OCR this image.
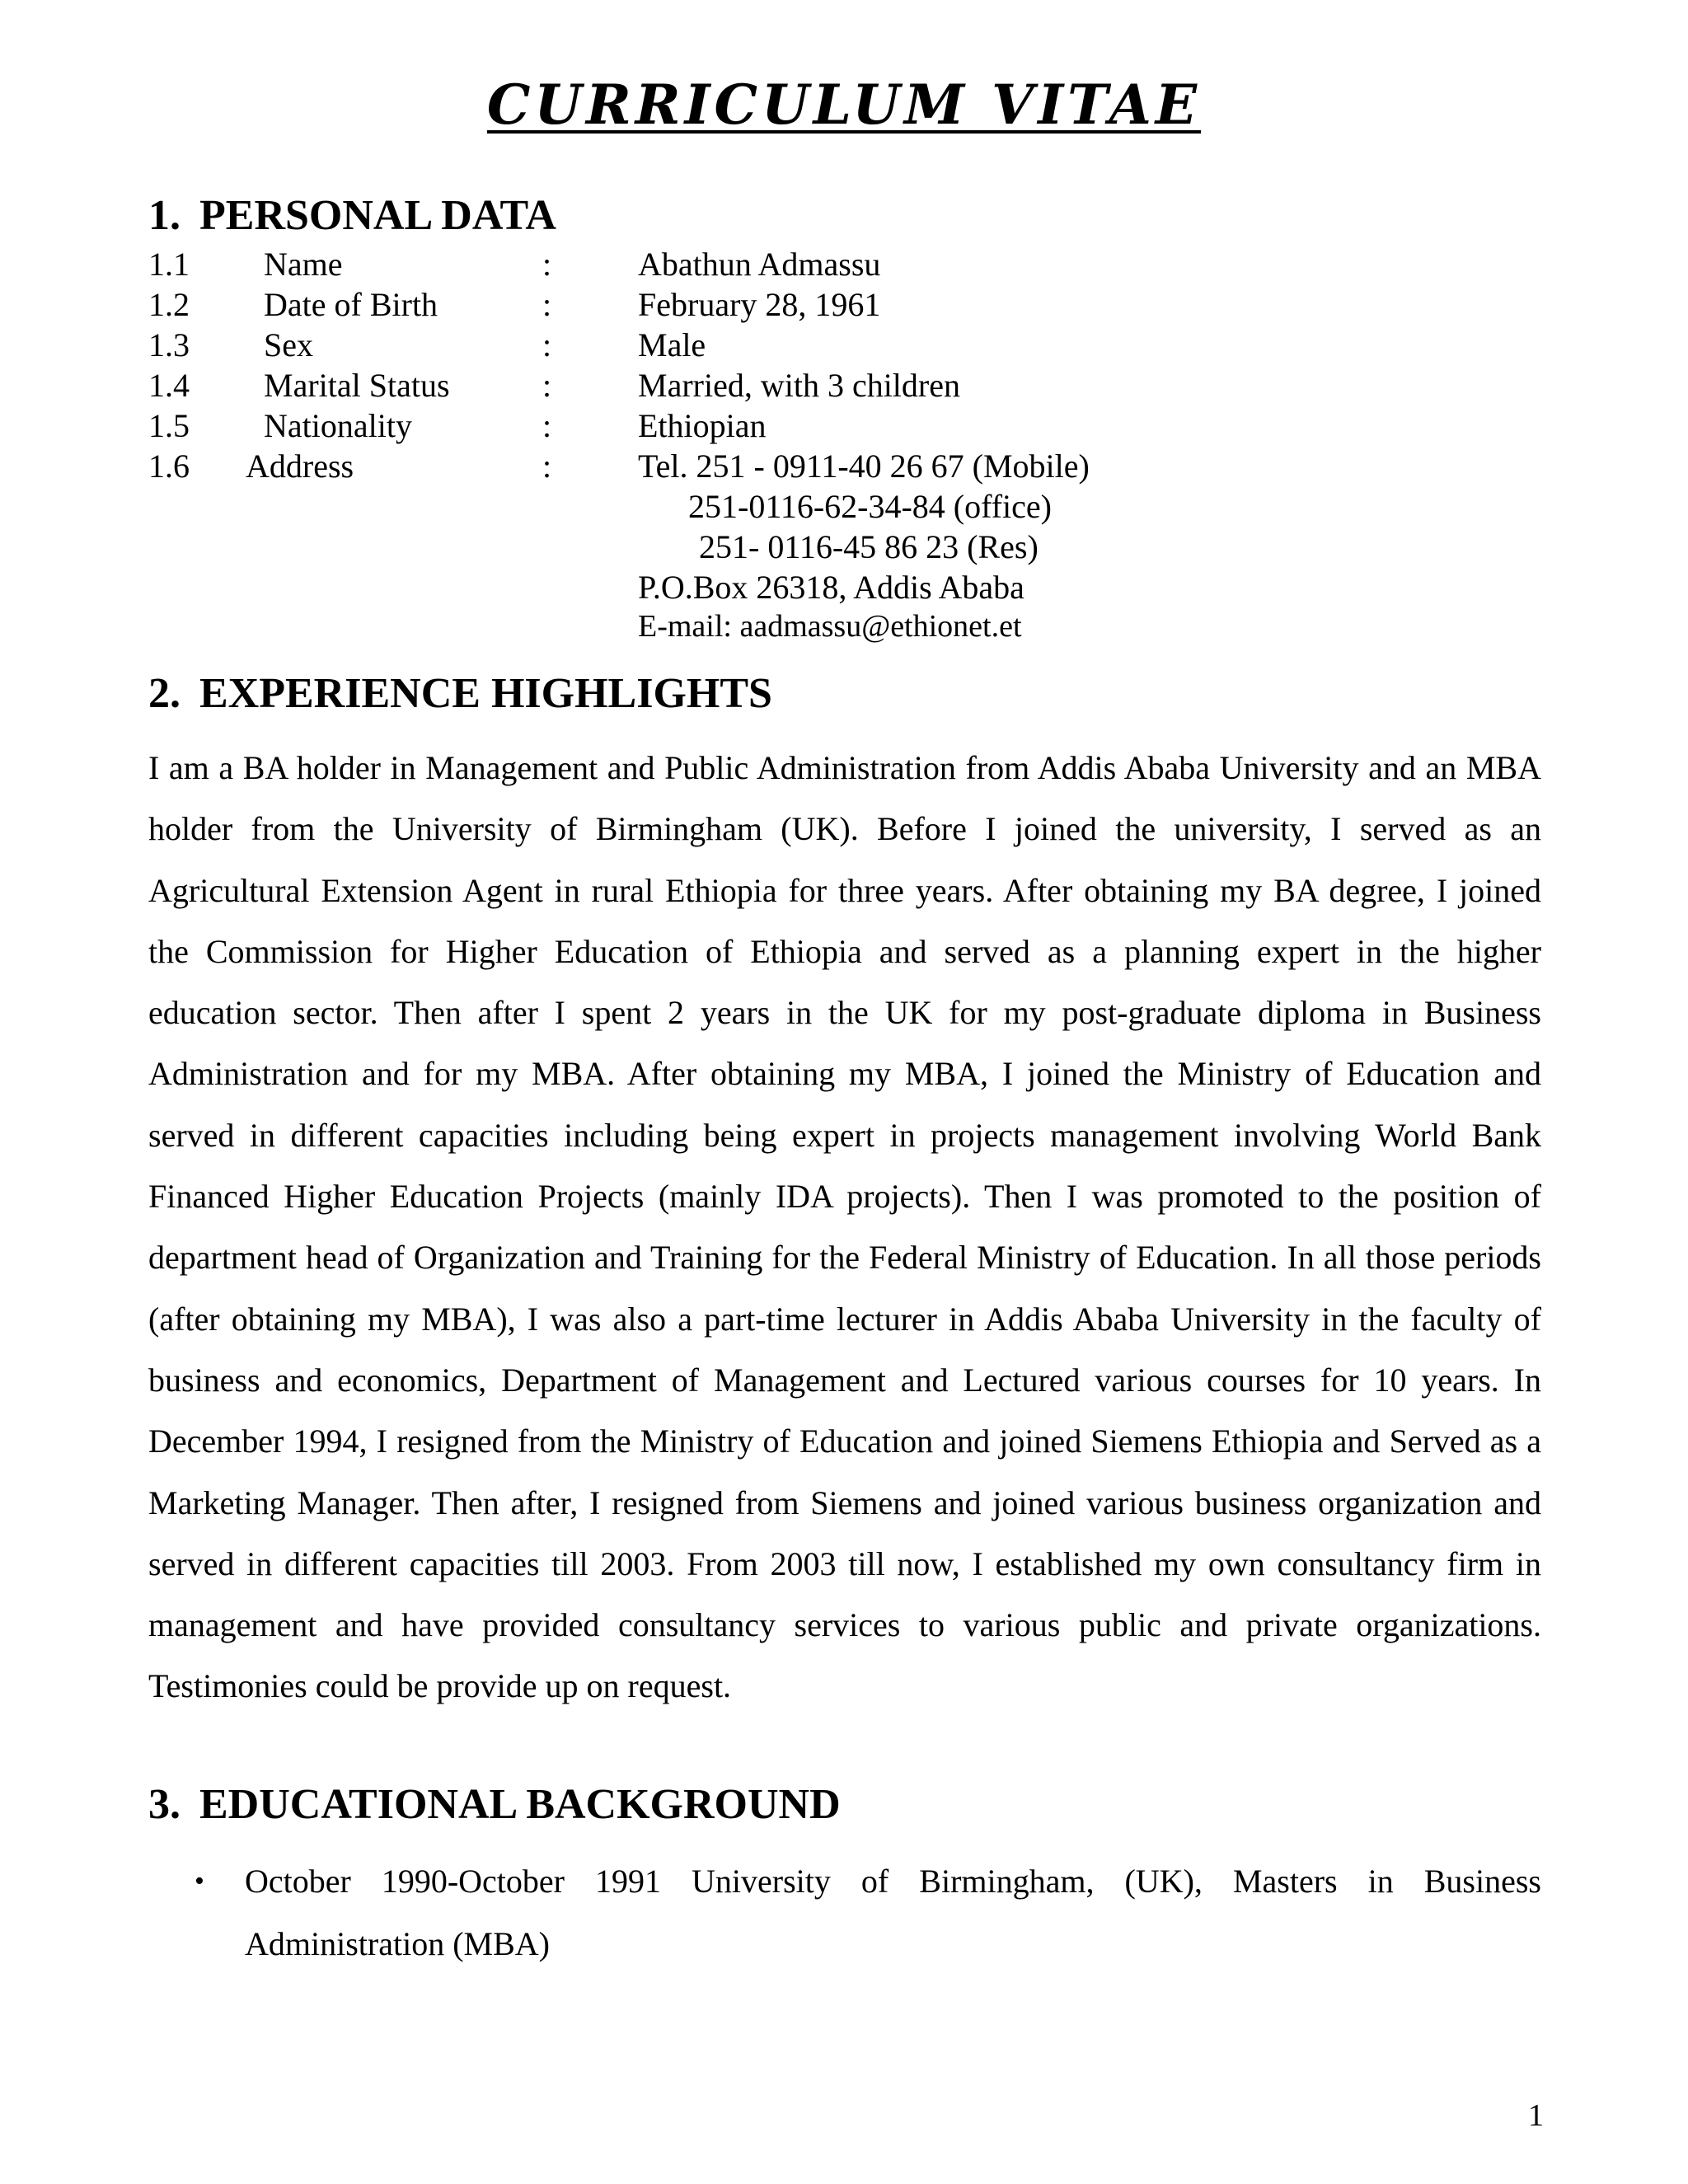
CURRICULUM VITAE
1. PERSONAL DATA
1.1 Name	:	Abathun Admassu
1.2 Date of Birth	:	February 28, 1961
1.3 Sex	:	Male
1.4 Marital Status	:	Married, with 3 children
1.5 Nationality	:	Ethiopian
1.6 Address	:	Tel. 251 - 0911-40 26 67 (Mobile)
251-0116-62-34-84 (office)
251- 0116-45 86 23 (Res)
P.O.Box 26318, Addis Ababa
E-mail: aadmassu@ethionet.et
2. EXPERIENCE HIGHLIGHTS

I am a BA holder in Management and Public Administration from Addis Ababa University and an MBA holder from the University of Birmingham (UK). Before I joined the university, I served as an Agricultural Extension Agent in rural Ethiopia for three years. After obtaining my BA degree, I joined the Commission for Higher Education of Ethiopia and served as a planning expert in the higher education sector. Then after I spent 2 years in the UK for my post-graduate diploma in Business Administration and for my MBA. After obtaining my MBA, I joined the Ministry of Education and served in different capacities including being expert in projects management involving World Bank Financed Higher Education Projects (mainly IDA projects). Then I was promoted to the position of department head of Organization and Training for the Federal Ministry of Education. In all those periods (after obtaining my MBA), I was also a part-time lecturer in Addis Ababa University in the faculty of business and economics, Department of Management and Lectured various courses for 10 years. In December 1994, I resigned from the Ministry of Education and joined Siemens Ethiopia and Served as a Marketing Manager. Then after, I resigned from Siemens and joined various business organization and served in different capacities till 2003. From 2003 till now, I established my own consultancy firm in management and have provided consultancy services to various public and private organizations. Testimonies could be provide up on request.

3. EDUCATIONAL BACKGROUND
• October 1990-October 1991 University of Birmingham, (UK), Masters in Business Administration (MBA)
1
